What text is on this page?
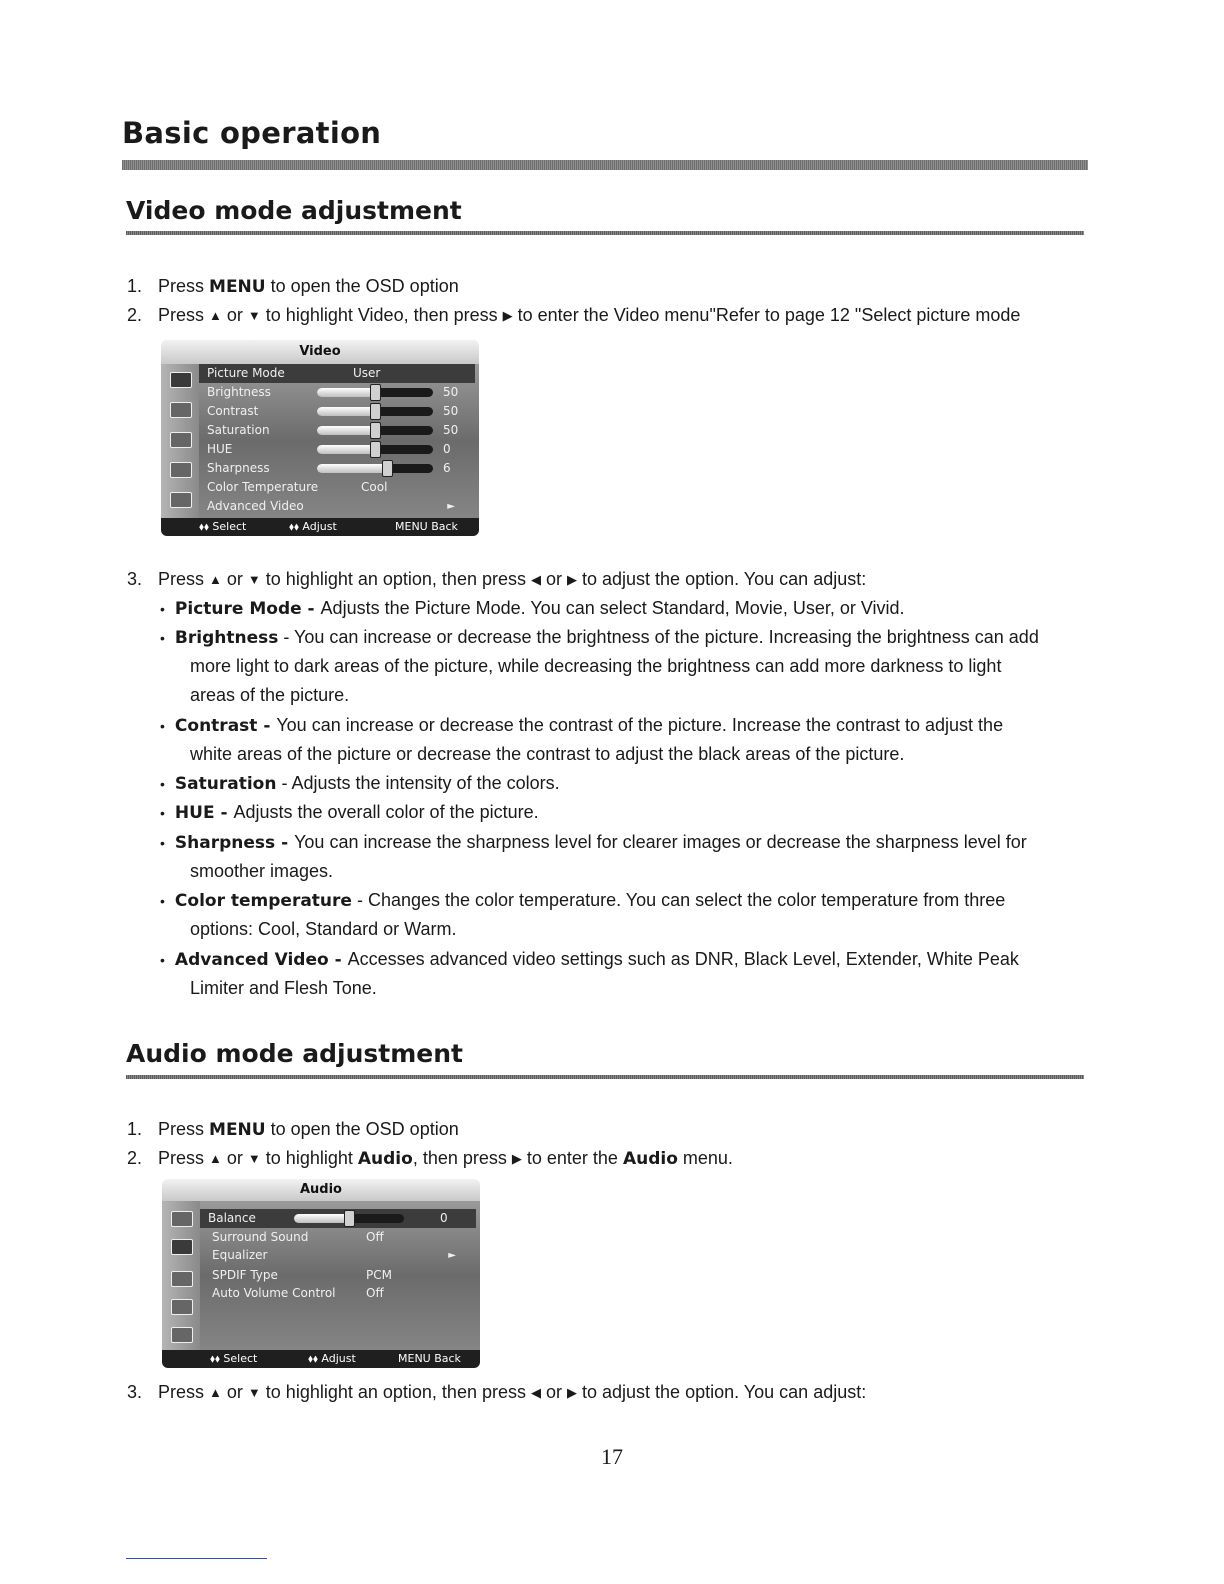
Basic operation
Video mode adjustment
1. Press MENU to open the OSD option
2. Press ▲ or ▼ to highlight Video, then press ▶ to enter the Video menu"Refer to page 12 "Select picture mode
Video
Picture Mode	User
Brightness	50
Contrast	50
Saturation	50
HUE	0
Sharpness	6
Color Temperature	Cool
Advanced Video	►
⬧⬧ Select	⬧⬧ Adjust	MENU Back
3. Press ▲ or ▼ to highlight an option, then press ◀ or ▶ to adjust the option. You can adjust:
• Picture Mode - Adjusts the Picture Mode. You can select Standard, Movie, User, or Vivid.
• Brightness - You can increase or decrease the brightness of the picture. Increasing the brightness can add
more light to dark areas of the picture, while decreasing the brightness can add more darkness to light
areas of the picture.
• Contrast - You can increase or decrease the contrast of the picture. Increase the contrast to adjust the
white areas of the picture or decrease the contrast to adjust the black areas of the picture.
• Saturation - Adjusts the intensity of the colors.
• HUE - Adjusts the overall color of the picture.
• Sharpness - You can increase the sharpness level for clearer images or decrease the sharpness level for
smoother images.
• Color temperature - Changes the color temperature. You can select the color temperature from three
options: Cool, Standard or Warm.
• Advanced Video - Accesses advanced video settings such as DNR, Black Level, Extender, White Peak
Limiter and Flesh Tone.
Audio mode adjustment
1. Press MENU to open the OSD option
2. Press ▲ or ▼ to highlight Audio, then press ▶ to enter the Audio menu.
Audio
Balance	0
Surround Sound	Off
Equalizer	►
SPDIF Type	PCM
Auto Volume Control	Off
⬧⬧ Select	⬧⬧ Adjust	MENU Back
3. Press ▲ or ▼ to highlight an option, then press ◀ or ▶ to adjust the option. You can adjust:
17
